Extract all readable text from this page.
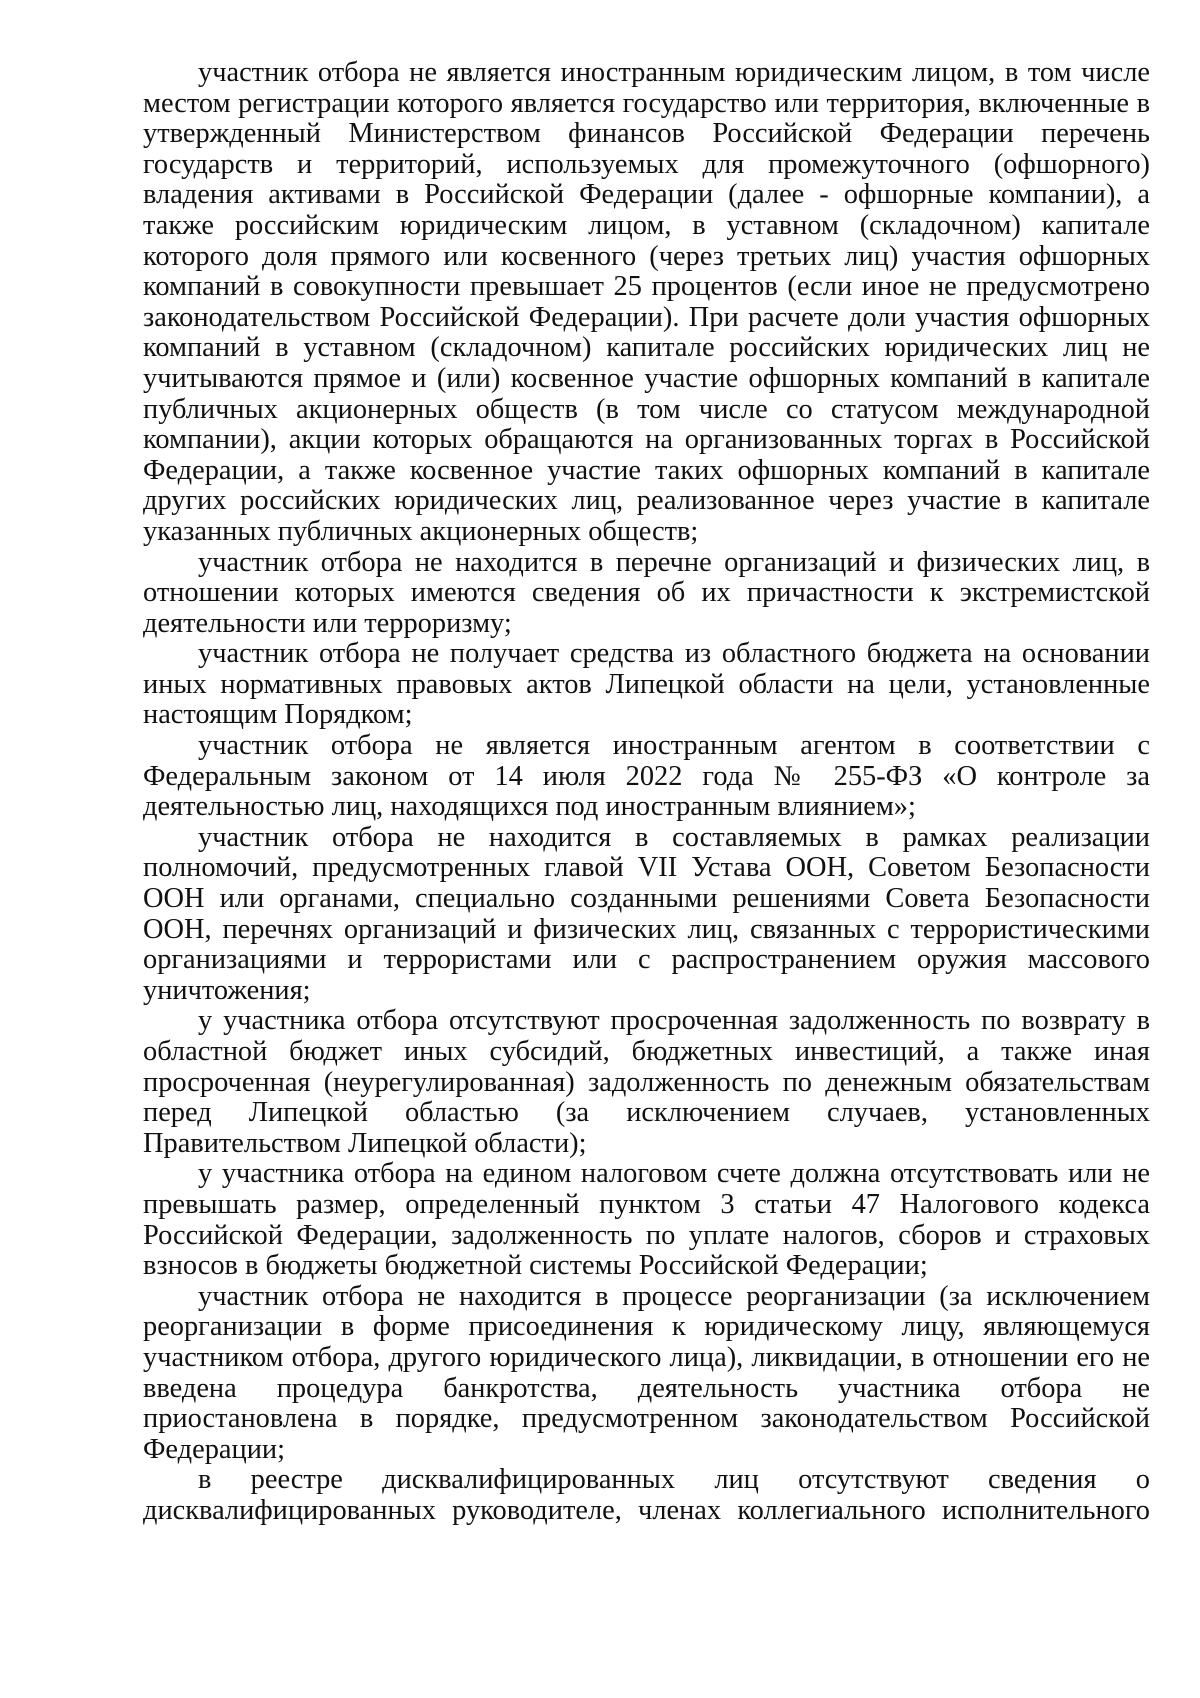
участник отбора не является иностранным юридическим лицом, в том числе местом регистрации которого является государство или территория, включенные в утвержденный Министерством финансов Российской Федерации перечень государств и территорий, используемых для промежуточного (офшорного) владения активами в Российской Федерации (далее - офшорные компании), а также российским юридическим лицом, в уставном (складочном) капитале которого доля прямого или косвенного (через третьих лиц) участия офшорных компаний в совокупности превышает 25 процентов (если иное не предусмотрено законодательством Российской Федерации). При расчете доли участия офшорных компаний в уставном (складочном) капитале российских юридических лиц не учитываются прямое и (или) косвенное участие офшорных компаний в капитале публичных акционерных обществ (в том числе со статусом международной компании), акции которых обращаются на организованных торгах в Российской Федерации, а также косвенное участие таких офшорных компаний в капитале других российских юридических лиц, реализованное через участие в капитале указанных публичных акционерных обществ;

участник отбора не находится в перечне организаций и физических лиц, в отношении которых имеются сведения об их причастности к экстремистской деятельности или терроризму;

участник отбора не получает средства из областного бюджета на основании иных нормативных правовых актов Липецкой области на цели, установленные настоящим Порядком;

участник отбора не является иностранным агентом в соответствии с Федеральным законом от 14 июля 2022 года № 255-ФЗ «О контроле за деятельностью лиц, находящихся под иностранным влиянием»;

участник отбора не находится в составляемых в рамках реализации полномочий, предусмотренных главой VII Устава ООН, Советом Безопасности ООН или органами, специально созданными решениями Совета Безопасности ООН, перечнях организаций и физических лиц, связанных с террористическими организациями и террористами или с распространением оружия массового уничтожения;

у участника отбора отсутствуют просроченная задолженность по возврату в областной бюджет иных субсидий, бюджетных инвестиций, а также иная просроченная (неурегулированная) задолженность по денежным обязательствам перед Липецкой областью (за исключением случаев, установленных Правительством Липецкой области);

у участника отбора на едином налоговом счете должна отсутствовать или не превышать размер, определенный пунктом 3 статьи 47 Налогового кодекса Российской Федерации, задолженность по уплате налогов, сборов и страховых взносов в бюджеты бюджетной системы Российской Федерации;

участник отбора не находится в процессе реорганизации (за исключением реорганизации в форме присоединения к юридическому лицу, являющемуся участником отбора, другого юридического лица), ликвидации, в отношении его не введена процедура банкротства, деятельность участника отбора не приостановлена в порядке, предусмотренном законодательством Российской Федерации;

в реестре дисквалифицированных лиц отсутствуют сведения о дисквалифицированных руководителе, членах коллегиального исполнительного
